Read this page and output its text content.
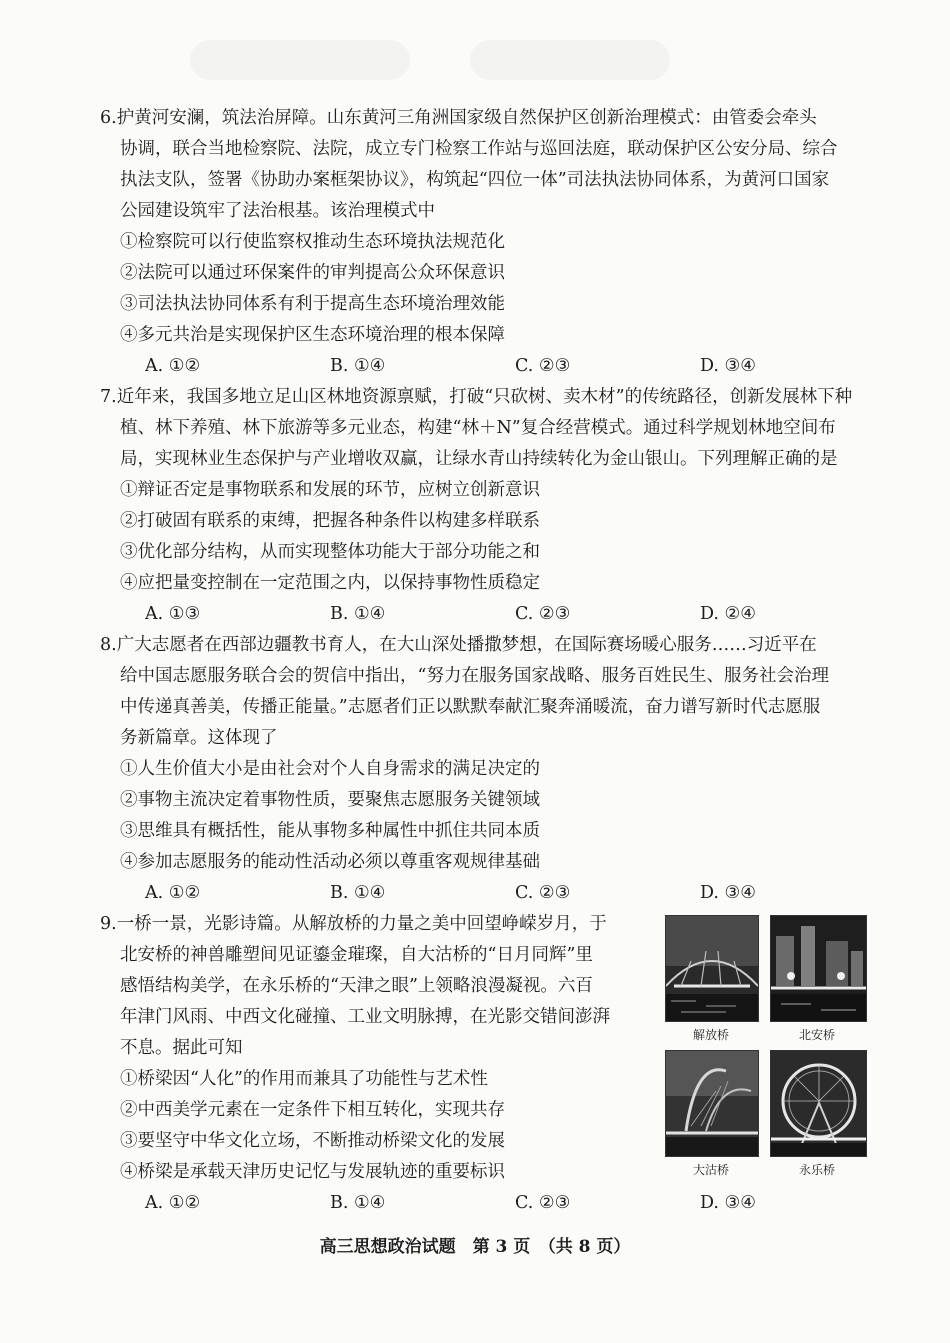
6.护黄河安澜，筑法治屏障。山东黄河三角洲国家级自然保护区创新治理模式：由管委会牵头
协调，联合当地检察院、法院，成立专门检察工作站与巡回法庭，联动保护区公安分局、综合
执法支队，签署《协助办案框架协议》，构筑起“四位一体”司法执法协同体系，为黄河口国家
公园建设筑牢了法治根基。该治理模式中
①检察院可以行使监察权推动生态环境执法规范化
②法院可以通过环保案件的审判提高公众环保意识
③司法执法协同体系有利于提高生态环境治理效能
④多元共治是实现保护区生态环境治理的根本保障
A. ①②	B. ①④	C. ②③	D. ③④
7.近年来，我国多地立足山区林地资源禀赋，打破“只砍树、卖木材”的传统路径，创新发展林下种
植、林下养殖、林下旅游等多元业态，构建“林＋N”复合经营模式。通过科学规划林地空间布
局，实现林业生态保护与产业增收双赢，让绿水青山持续转化为金山银山。下列理解正确的是
①辩证否定是事物联系和发展的环节，应树立创新意识
②打破固有联系的束缚，把握各种条件以构建多样联系
③优化部分结构，从而实现整体功能大于部分功能之和
④应把量变控制在一定范围之内，以保持事物性质稳定
A. ①③	B. ①④	C. ②③	D. ②④
8.广大志愿者在西部边疆教书育人，在大山深处播撒梦想，在国际赛场暖心服务……习近平在
给中国志愿服务联合会的贺信中指出，“努力在服务国家战略、服务百姓民生、服务社会治理
中传递真善美，传播正能量。”志愿者们正以默默奉献汇聚奔涌暖流，奋力谱写新时代志愿服
务新篇章。这体现了
①人生价值大小是由社会对个人自身需求的满足决定的
②事物主流决定着事物性质，要聚焦志愿服务关键领域
③思维具有概括性，能从事物多种属性中抓住共同本质
④参加志愿服务的能动性活动必须以尊重客观规律基础
A. ①②	B. ①④	C. ②③	D. ③④
9.一桥一景，光影诗篇。从解放桥的力量之美中回望峥嵘岁月，于
北安桥的神兽雕塑间见证鎏金璀璨，自大沽桥的“日月同辉”里
感悟结构美学，在永乐桥的“天津之眼”上领略浪漫凝视。六百
年津门风雨、中西文化碰撞、工业文明脉搏，在光影交错间澎湃
不息。据此可知
①桥梁因“人化”的作用而兼具了功能性与艺术性
②中西美学元素在一定条件下相互转化，实现共存
③要坚守中华文化立场，不断推动桥梁文化的发展
④桥梁是承载天津历史记忆与发展轨迹的重要标识
A. ①②	B. ①④	C. ②③	D. ③④
解放桥	北安桥
大沽桥	永乐桥
高三思想政治试题　第 3 页　（共 8 页）
